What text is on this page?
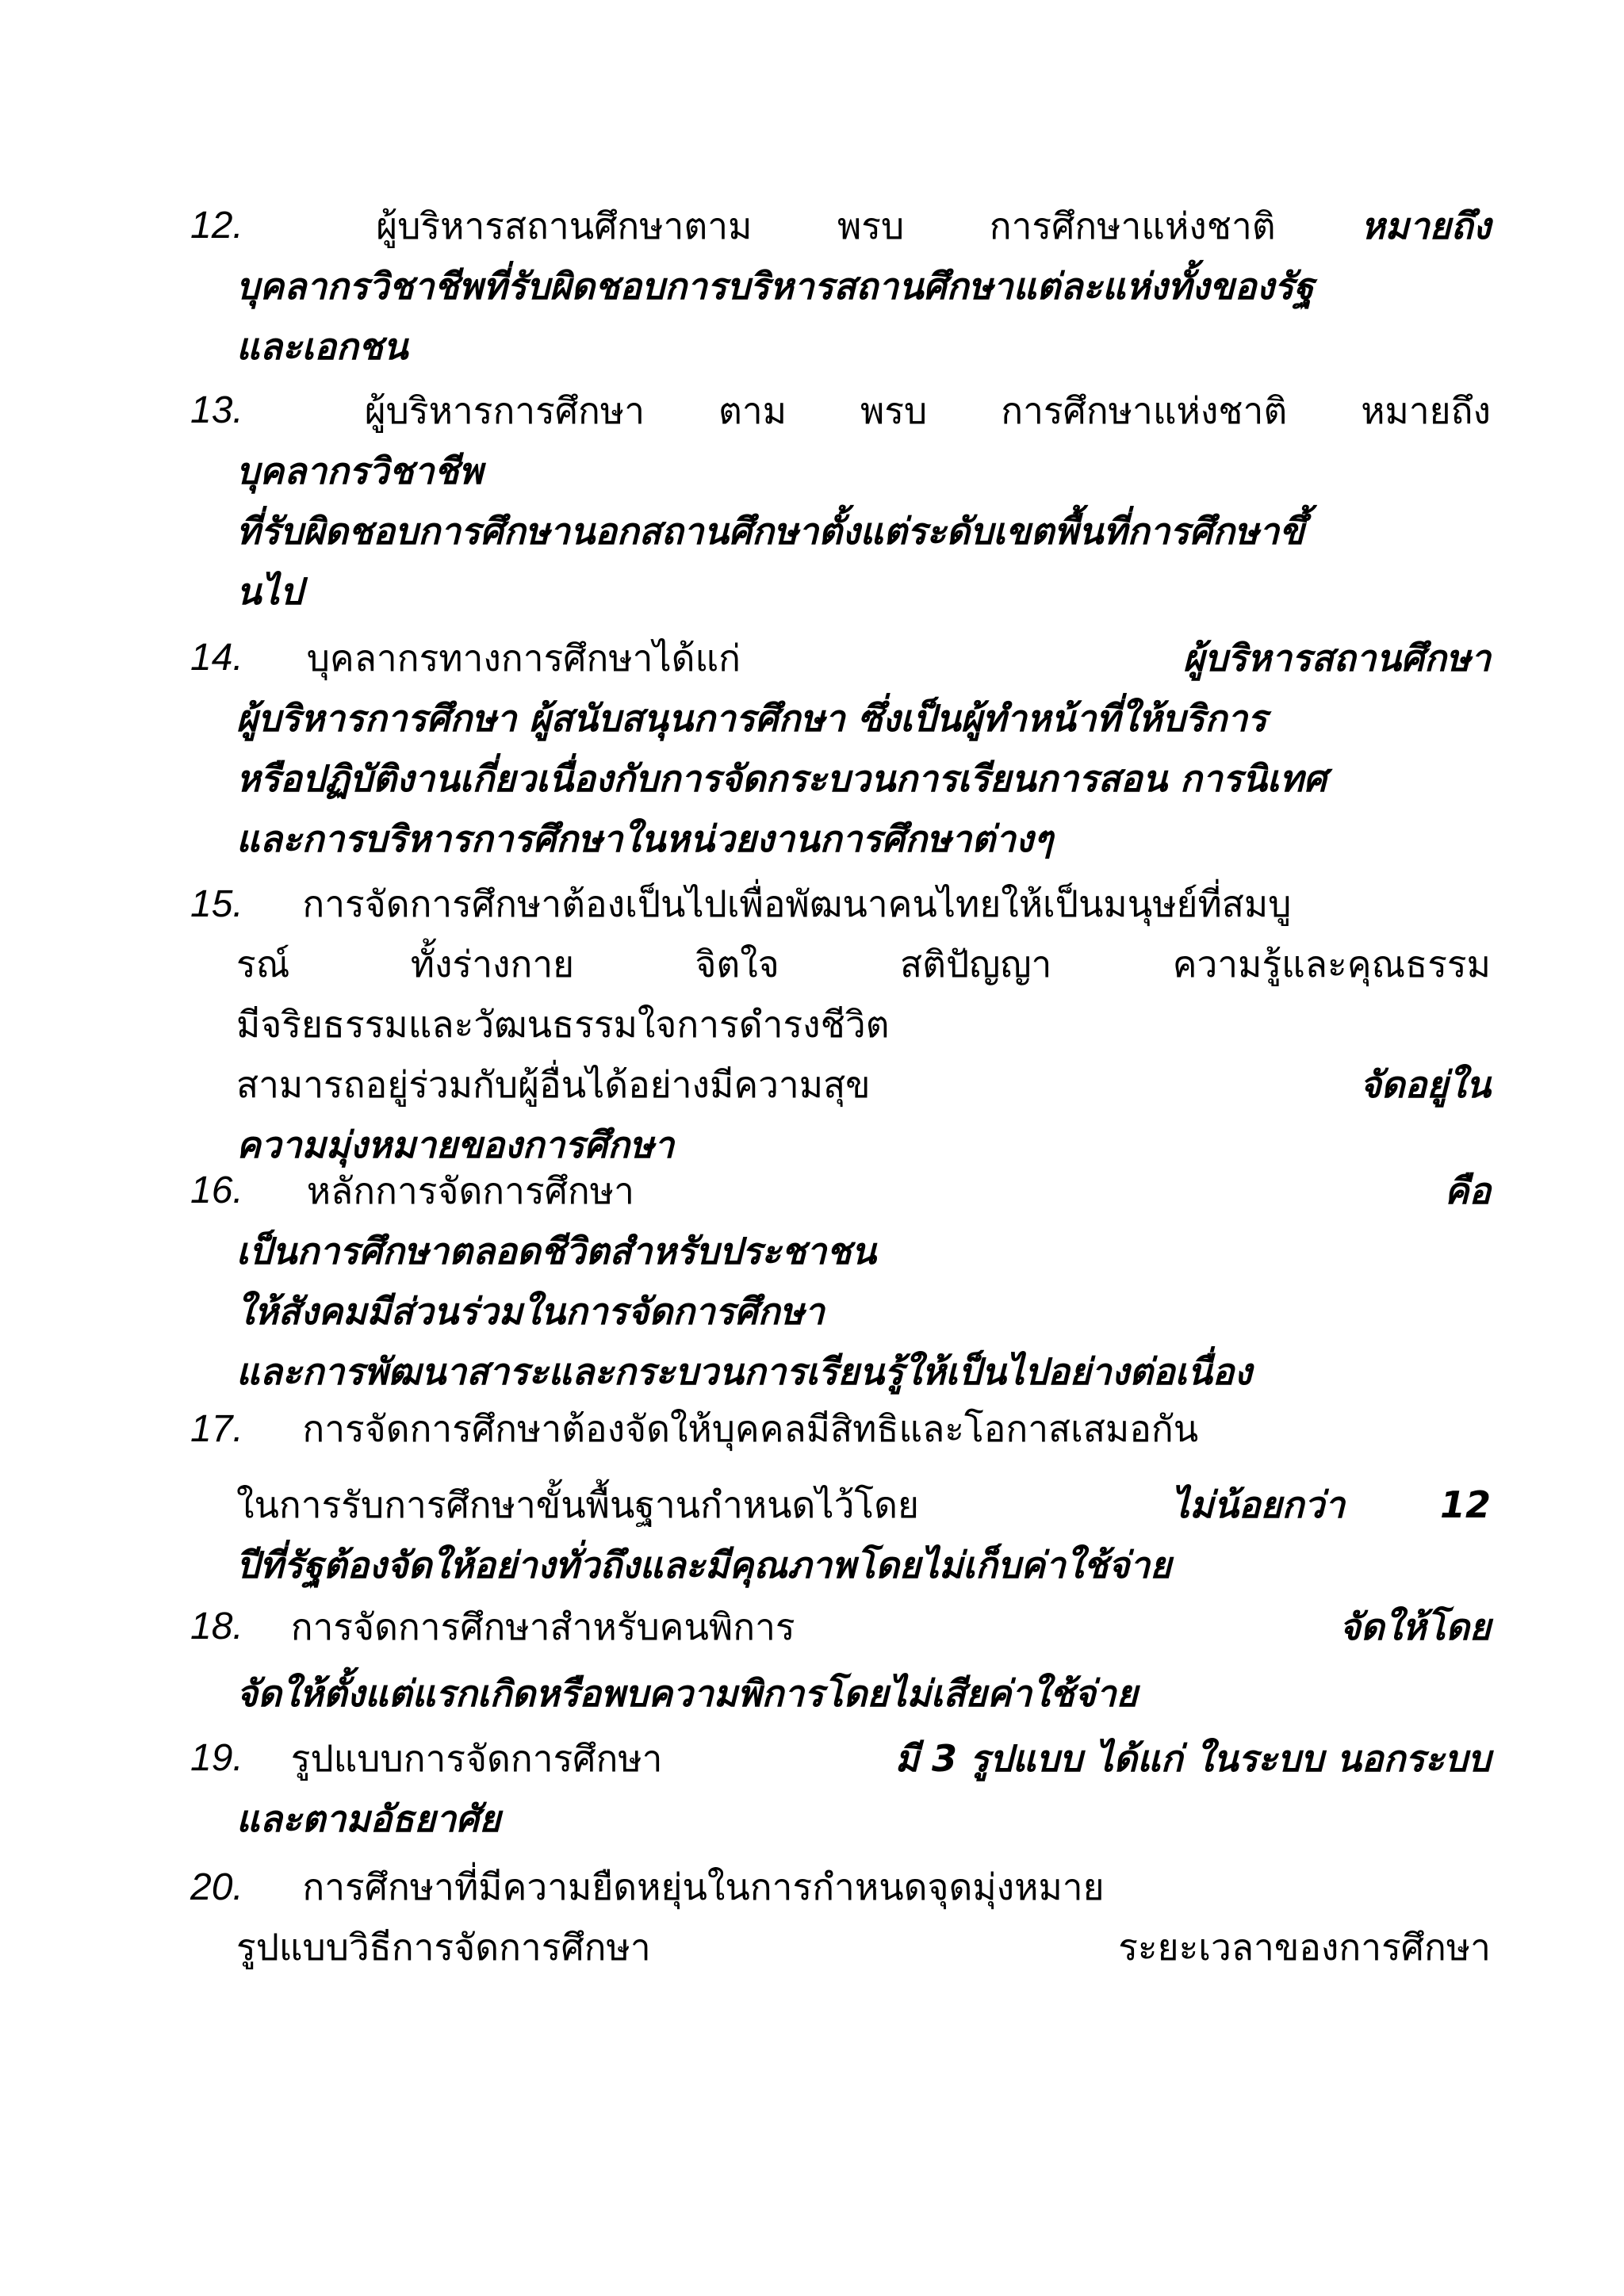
12.	ผู้บริหารสถานศึกษาตาม พรบ การศึกษาแห่งชาติ หมายถึง
บุคลากรวิชาชีพที่รับผิดชอบการบริหารสถานศึกษาแต่ละแห่งทั้งของรัฐ
และเอกชน
13.	ผู้บริหารการศึกษา ตาม พรบ การศึกษาแห่งชาติ หมายถึง
บุคลากรวิชาชีพ
ที่รับผิดชอบการศึกษานอกสถานศึกษาตั้งแต่ระดับเขตพื้นที่การศึกษาขึ้
นไป
14. บุคลากรทางการศึกษาได้แก่	ผู้บริหารสถานศึกษา
ผู้บริหารการศึกษา ผู้สนับสนุนการศึกษา ซึ่งเป็นผู้ทำหน้าที่ให้บริการ
หรือปฏิบัติงานเกี่ยวเนื่องกับการจัดกระบวนการเรียนการสอน การนิเทศ
และการบริหารการศึกษาในหน่วยงานการศึกษาต่างๆ
15. การจัดการศึกษาต้องเป็นไปเพื่อพัฒนาคนไทยให้เป็นมนุษย์ที่สมบู
รณ์	ทั้งร่างกาย	จิตใจ	สติปัญญา	ความรู้และคุณธรรม
มีจริยธรรมและวัฒนธรรมใจการดำรงชีวิต
สามารถอยู่ร่วมกับผู้อื่นได้อย่างมีความสุข	จัดอยู่ใน
ความมุ่งหมายของการศึกษา
16. หลักการจัดการศึกษา	คือ
เป็นการศึกษาตลอดชีวิตสำหรับประชาชน
ให้สังคมมีส่วนร่วมในการจัดการศึกษา
และการพัฒนาสาระและกระบวนการเรียนรู้ให้เป็นไปอย่างต่อเนื่อง
17. การจัดการศึกษาต้องจัดให้บุคคลมีสิทธิและโอกาสเสมอกัน
ในการรับการศึกษาขั้นพื้นฐานกำหนดไว้โดย	ไม่น้อยกว่า	12
ปีที่รัฐต้องจัดให้อย่างทั่วถึงและมีคุณภาพโดยไม่เก็บค่าใช้จ่าย
18. การจัดการศึกษาสำหรับคนพิการ	จัดให้โดย
จัดให้ตั้งแต่แรกเกิดหรือพบความพิการโดยไม่เสียค่าใช้จ่าย
19. รูปแบบการจัดการศึกษา	มี 3 รูปแบบ ได้แก่ ในระบบ นอกระบบ
และตามอัธยาศัย
20. การศึกษาที่มีความยืดหยุ่นในการกำหนดจุดมุ่งหมาย
รูปแบบวิธีการจัดการศึกษา	ระยะเวลาของการศึกษา
